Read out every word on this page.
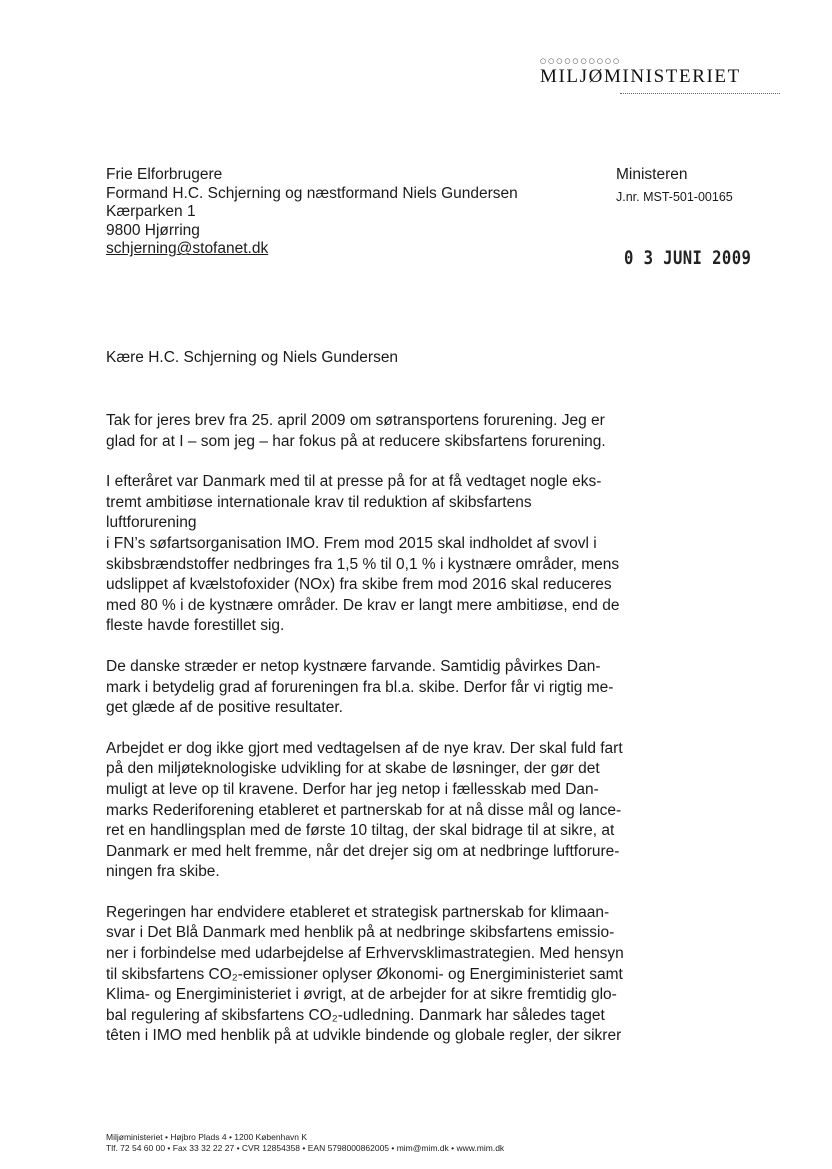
○○○○○○○○○○
MILJØMINISTERIET
Frie Elforbrugere
Formand H.C. Schjerning og næstformand Niels Gundersen
Kærparken 1
9800 Hjørring
schjerning@stofanet.dk
Ministeren
J.nr. MST-501-00165
0 3 JUNI 2009
Kære H.C. Schjerning og Niels Gundersen

Tak for jeres brev fra 25. april 2009 om søtransportens forurening. Jeg er
glad for at I – som jeg – har fokus på at reducere skibsfartens forurening.

I efteråret var Danmark med til at presse på for at få vedtaget nogle eks-
tremt ambitiøse internationale krav til reduktion af skibsfartens luftforurening
i FN’s søfartsorganisation IMO. Frem mod 2015 skal indholdet af svovl i
skibsbrændstoffer nedbringes fra 1,5 % til 0,1 % i kystnære områder, mens
udslippet af kvælstofoxider (NOx) fra skibe frem mod 2016 skal reduceres
med 80 % i de kystnære områder. De krav er langt mere ambitiøse, end de
fleste havde forestillet sig.

De danske stræder er netop kystnære farvande. Samtidig påvirkes Dan-
mark i betydelig grad af forureningen fra bl.a. skibe. Derfor får vi rigtig me-
get glæde af de positive resultater.

Arbejdet er dog ikke gjort med vedtagelsen af de nye krav. Der skal fuld fart
på den miljøteknologiske udvikling for at skabe de løsninger, der gør det
muligt at leve op til kravene. Derfor har jeg netop i fællesskab med Dan-
marks Rederiforening etableret et partnerskab for at nå disse mål og lance-
ret en handlingsplan med de første 10 tiltag, der skal bidrage til at sikre, at
Danmark er med helt fremme, når det drejer sig om at nedbringe luftforure-
ningen fra skibe.

Regeringen har endvidere etableret et strategisk partnerskab for klimaan-
svar i Det Blå Danmark med henblik på at nedbringe skibsfartens emissio-
ner i forbindelse med udarbejdelse af Erhvervsklimastrategien. Med hensyn
til skibsfartens CO₂-emissioner oplyser Økonomi- og Energiministeriet samt
Klima- og Energiministeriet i øvrigt, at de arbejder for at sikre fremtidig glo-
bal regulering af skibsfartens CO₂-udledning. Danmark har således taget
têten i IMO med henblik på at udvikle bindende og globale regler, der sikrer

Miljøministeriet • Højbro Plads 4 • 1200 København K
Tlf. 72 54 60 00 • Fax 33 32 22 27 • CVR 12854358 • EAN 5798000862005 • mim@mim.dk • www.mim.dk
